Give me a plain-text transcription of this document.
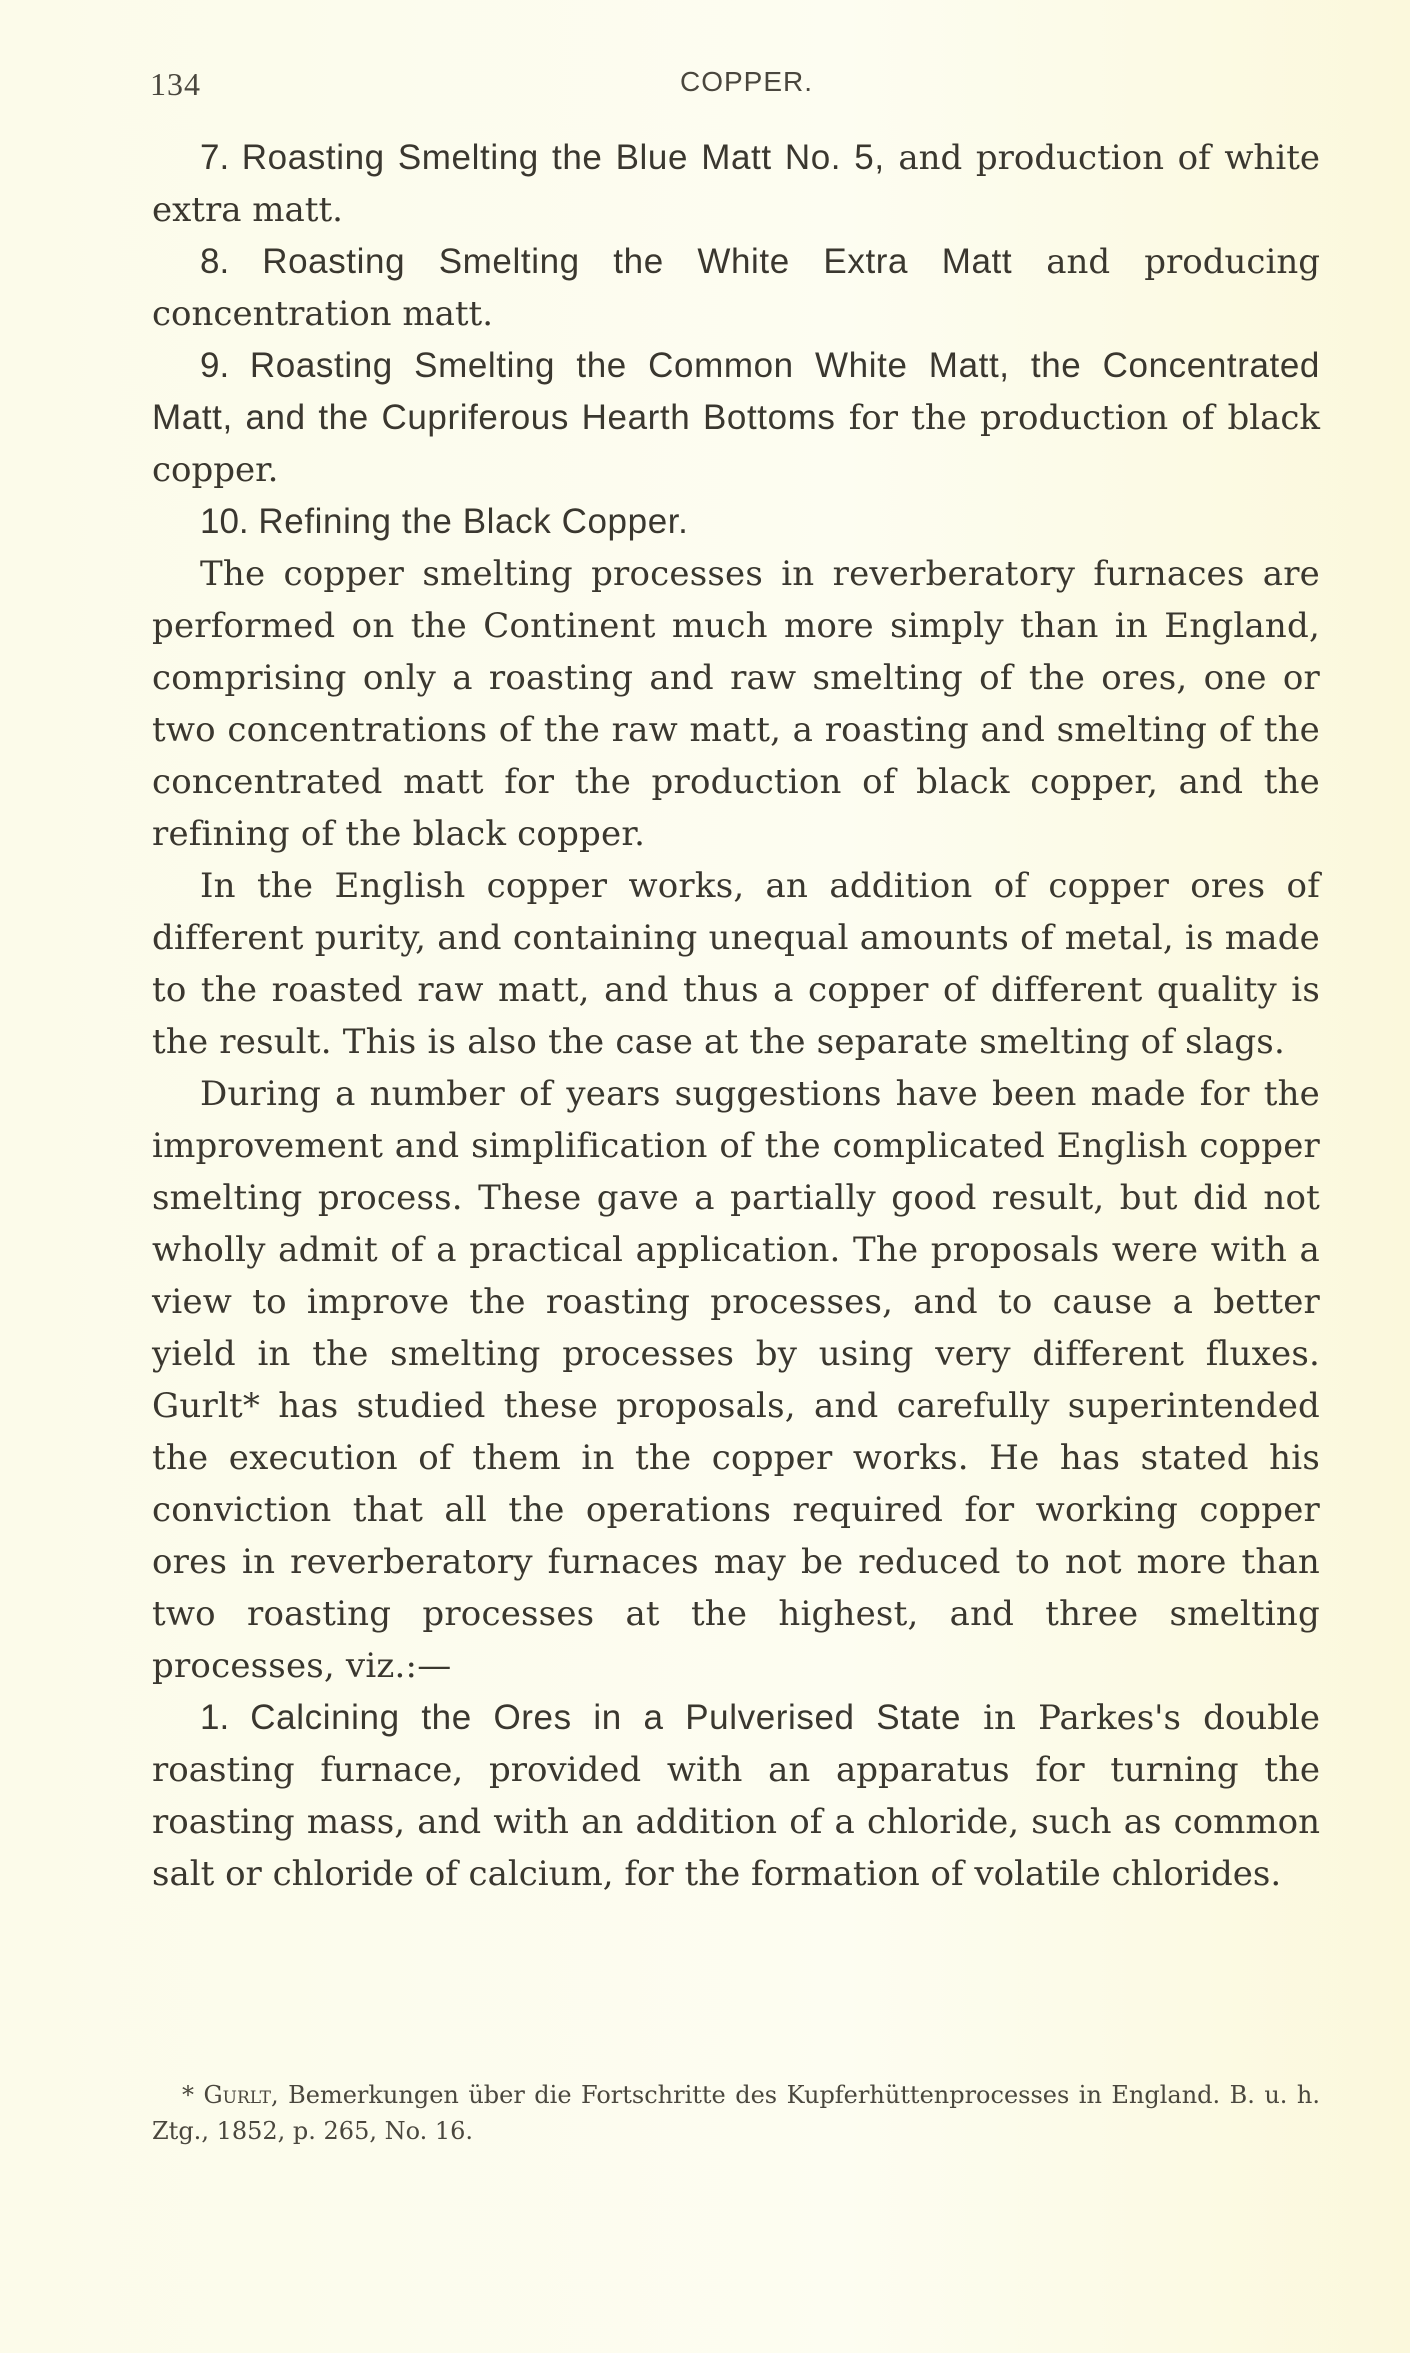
134	COPPER.

7. Roasting Smelting the Blue Matt No. 5, and production of white extra matt.

8. Roasting Smelting the White Extra Matt and producing concentration matt.

9. Roasting Smelting the Common White Matt, the Concentrated Matt, and the Cupriferous Hearth Bottoms for the production of black copper.

10. Refining the Black Copper.

The copper smelting processes in reverberatory furnaces are performed on the Continent much more simply than in England, comprising only a roasting and raw smelting of the ores, one or two concentrations of the raw matt, a roasting and smelting of the concentrated matt for the production of black copper, and the refining of the black copper.

In the English copper works, an addition of copper ores of different purity, and containing unequal amounts of metal, is made to the roasted raw matt, and thus a copper of different quality is the result. This is also the case at the separate smelting of slags.

During a number of years suggestions have been made for the improvement and simplification of the complicated English copper smelting process. These gave a partially good result, but did not wholly admit of a practical application. The proposals were with a view to improve the roasting processes, and to cause a better yield in the smelting processes by using very different fluxes. Gurlt* has studied these proposals, and carefully superintended the execution of them in the copper works. He has stated his conviction that all the operations required for working copper ores in reverberatory furnaces may be reduced to not more than two roasting processes at the highest, and three smelting processes, viz.:—

1. Calcining the Ores in a Pulverised State in Parkes's double roasting furnace, provided with an apparatus for turning the roasting mass, and with an addition of a chloride, such as common salt or chloride of calcium, for the formation of volatile chlorides.

* Gurlt, Bemerkungen über die Fortschritte des Kupferhüttenprocesses in England. B. u. h. Ztg., 1852, p. 265, No. 16.
